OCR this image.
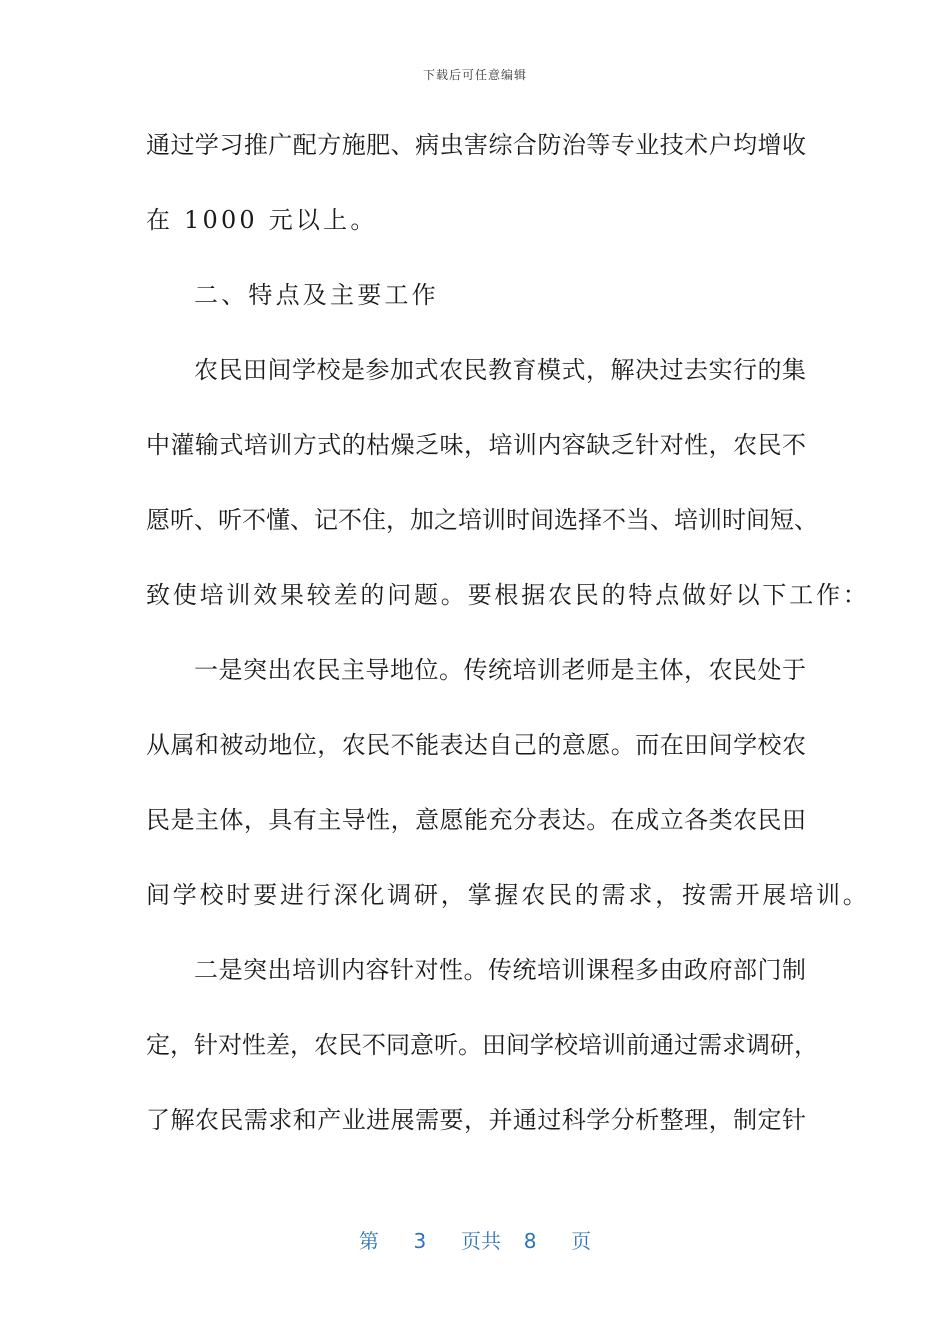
下载后可任意编辑
通过学习推广配方施肥、病虫害综合防治等专业技术户均增收
在 1000 元以上。
二、特点及主要工作
农民田间学校是参加式农民教育模式，解决过去实行的集
中灌输式培训方式的枯燥乏味，培训内容缺乏针对性，农民不
愿听、听不懂、记不住，加之培训时间选择不当、培训时间短、
致使培训效果较差的问题。要根据农民的特点做好以下工作：
一是突出农民主导地位。传统培训老师是主体，农民处于
从属和被动地位，农民不能表达自己的意愿。而在田间学校农
民是主体，具有主导性，意愿能充分表达。在成立各类农民田
间学校时要进行深化调研，掌握农民的需求，按需开展培训。
二是突出培训内容针对性。传统培训课程多由政府部门制
定，针对性差，农民不同意听。田间学校培训前通过需求调研，
了解农民需求和产业进展需要，并通过科学分析整理，制定针
第 3 页共 8 页
